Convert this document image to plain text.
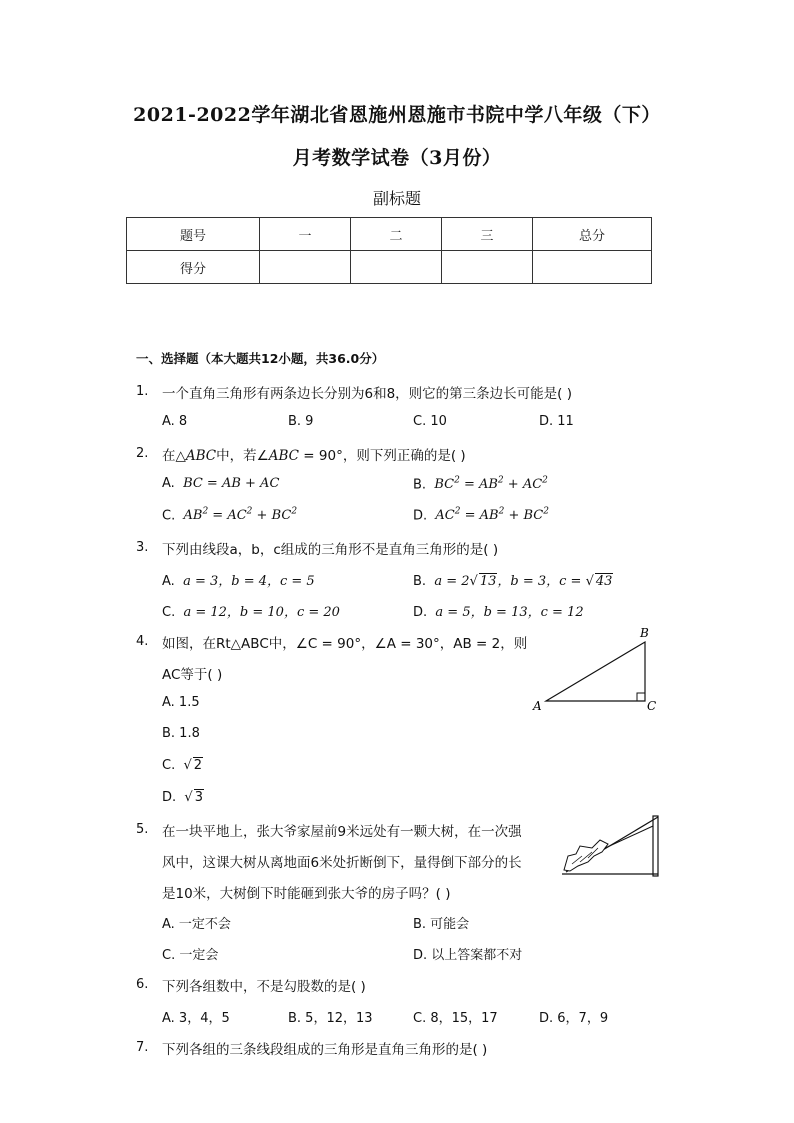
2021-2022学年湖北省恩施州恩施市书院中学八年级（下）
月考数学试卷（3月份）
副标题
题号	一	二	三	总分
得分				
一、选择题（本大题共12小题，共36.0分）
1. 一个直角三角形有两条边长分别为6和8，则它的第三条边长可能是( )
A. 8	B. 9	C. 10	D. 11
2. 在△ABC中，若∠ABC = 90°，则下列正确的是( )
A. BC = AB + AC	B. $BC^2 = AB^2 + AC^2$
C. $AB^2 = AC^2 + BC^2$	D. $AC^2 = AB^2 + BC^2$
3. 下列由线段a，b，c组成的三角形不是直角三角形的是( )
A. a = 3，b = 4，c = 5	B. a = 2√ 13，b = 3，c = √ 43
C. a = 12，b = 10，c = 20	D. a = 5，b = 13，c = 12
4. 如图，在Rt△ABC中，∠C = 90°，∠A = 30°，AB = 2，则
AC等于( )
A. 1.5
B. 1.8
C.  √ 2
D.  √ 3
B
A	C
5. 在一块平地上，张大爷家屋前9米远处有一颗大树，在一次强
风中，这课大树从离地面6米处折断倒下，量得倒下部分的长
是10米，大树倒下时能砸到张大爷的房子吗？( )
A. 一定不会	B. 可能会
C. 一定会	D. 以上答案都不对
6. 下列各组数中，不是勾股数的是( )
A. 3，4，5	B. 5，12，13	C. 8，15，17	D. 6，7，9
7. 下列各组的三条线段组成的三角形是直角三角形的是( )
